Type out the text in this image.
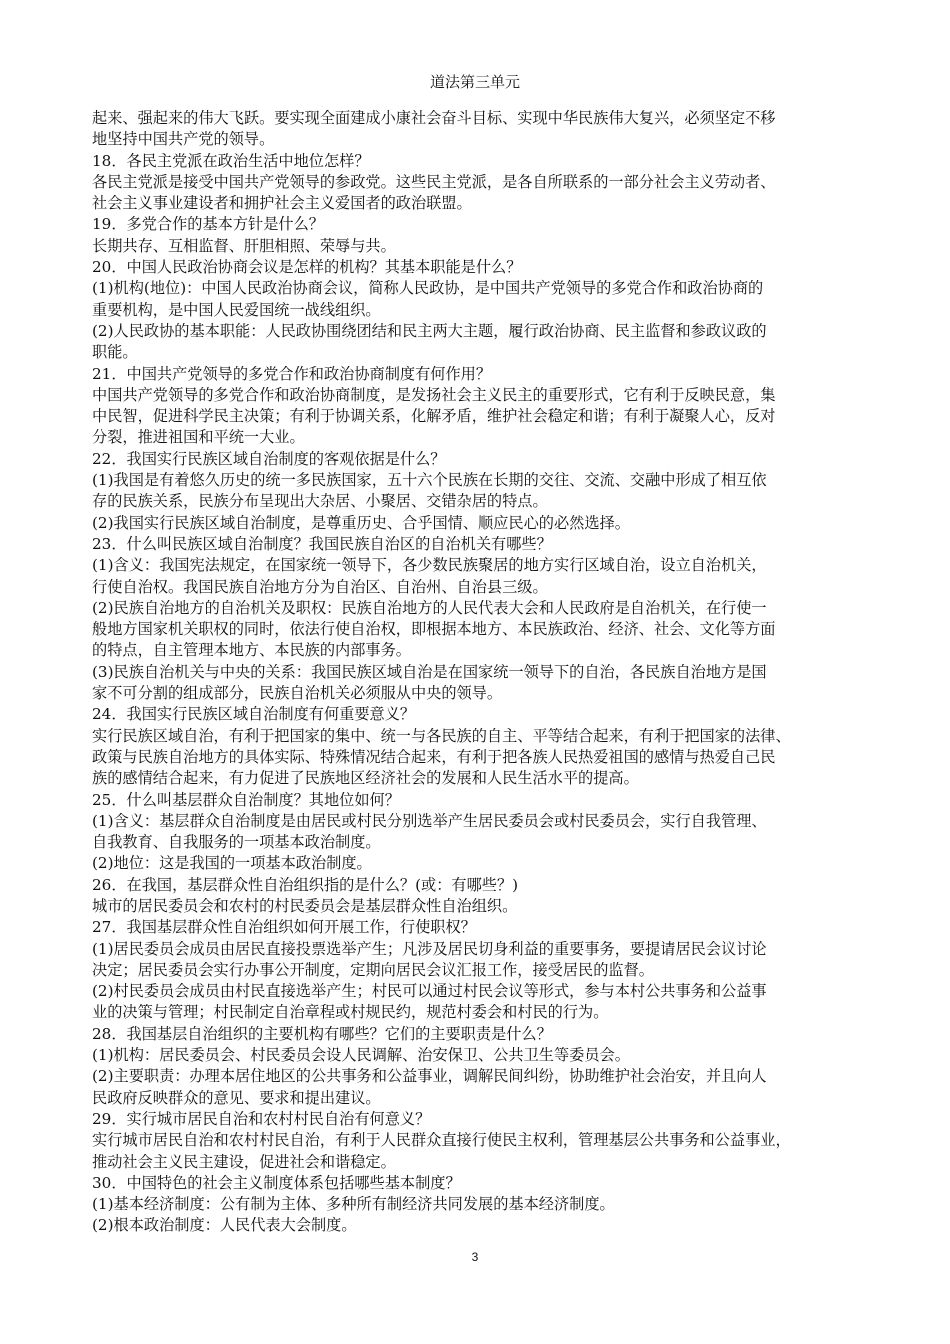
道法第三单元
起来、强起来的伟大飞跃。要实现全面建成小康社会奋斗目标、实现中华民族伟大复兴，必须坚定不移
地坚持中国共产党的领导。
18．各民主党派在政治生活中地位怎样？
各民主党派是接受中国共产党领导的参政党。这些民主党派，是各自所联系的一部分社会主义劳动者、
社会主义事业建设者和拥护社会主义爱国者的政治联盟。
19．多党合作的基本方针是什么？
长期共存、互相监督、肝胆相照、荣辱与共。
20．中国人民政治协商会议是怎样的机构？其基本职能是什么？
(1)机构(地位)：中国人民政治协商会议，简称人民政协，是中国共产党领导的多党合作和政治协商的
重要机构，是中国人民爱国统一战线组织。
(2)人民政协的基本职能：人民政协围绕团结和民主两大主题，履行政治协商、民主监督和参政议政的
职能。
21．中国共产党领导的多党合作和政治协商制度有何作用？
中国共产党领导的多党合作和政治协商制度，是发扬社会主义民主的重要形式，它有利于反映民意，集
中民智，促进科学民主决策；有利于协调关系，化解矛盾，维护社会稳定和谐；有利于凝聚人心，反对
分裂，推进祖国和平统一大业。
22．我国实行民族区域自治制度的客观依据是什么？
(1)我国是有着悠久历史的统一多民族国家，五十六个民族在长期的交往、交流、交融中形成了相互依
存的民族关系，民族分布呈现出大杂居、小聚居、交错杂居的特点。
(2)我国实行民族区域自治制度，是尊重历史、合乎国情、顺应民心的必然选择。
23．什么叫民族区域自治制度？我国民族自治区的自治机关有哪些？
(1)含义：我国宪法规定，在国家统一领导下，各少数民族聚居的地方实行区域自治，设立自治机关，
行使自治权。我国民族自治地方分为自治区、自治州、自治县三级。
(2)民族自治地方的自治机关及职权：民族自治地方的人民代表大会和人民政府是自治机关，在行使一
般地方国家机关职权的同时，依法行使自治权，即根据本地方、本民族政治、经济、社会、文化等方面
的特点，自主管理本地方、本民族的内部事务。
(3)民族自治机关与中央的关系：我国民族区域自治是在国家统一领导下的自治，各民族自治地方是国
家不可分割的组成部分，民族自治机关必须服从中央的领导。
24．我国实行民族区域自治制度有何重要意义？
实行民族区域自治，有利于把国家的集中、统一与各民族的自主、平等结合起来，有利于把国家的法律、
政策与民族自治地方的具体实际、特殊情况结合起来，有利于把各族人民热爱祖国的感情与热爱自己民
族的感情结合起来，有力促进了民族地区经济社会的发展和人民生活水平的提高。
25．什么叫基层群众自治制度？其地位如何？
(1)含义：基层群众自治制度是由居民或村民分别选举产生居民委员会或村民委员会，实行自我管理、
自我教育、自我服务的一项基本政治制度。
(2)地位：这是我国的一项基本政治制度。
26．在我国，基层群众性自治组织指的是什么？(或：有哪些？)
城市的居民委员会和农村的村民委员会是基层群众性自治组织。
27．我国基层群众性自治组织如何开展工作，行使职权？
(1)居民委员会成员由居民直接投票选举产生；凡涉及居民切身利益的重要事务，要提请居民会议讨论
决定；居民委员会实行办事公开制度，定期向居民会议汇报工作，接受居民的监督。
(2)村民委员会成员由村民直接选举产生；村民可以通过村民会议等形式，参与本村公共事务和公益事
业的决策与管理；村民制定自治章程或村规民约，规范村委会和村民的行为。
28．我国基层自治组织的主要机构有哪些？它们的主要职责是什么？
(1)机构：居民委员会、村民委员会设人民调解、治安保卫、公共卫生等委员会。
(2)主要职责：办理本居住地区的公共事务和公益事业，调解民间纠纷，协助维护社会治安，并且向人
民政府反映群众的意见、要求和提出建议。
29．实行城市居民自治和农村村民自治有何意义？
实行城市居民自治和农村村民自治，有利于人民群众直接行使民主权利，管理基层公共事务和公益事业，
推动社会主义民主建设，促进社会和谐稳定。
30．中国特色的社会主义制度体系包括哪些基本制度？
(1)基本经济制度：公有制为主体、多种所有制经济共同发展的基本经济制度。
(2)根本政治制度：人民代表大会制度。
3
